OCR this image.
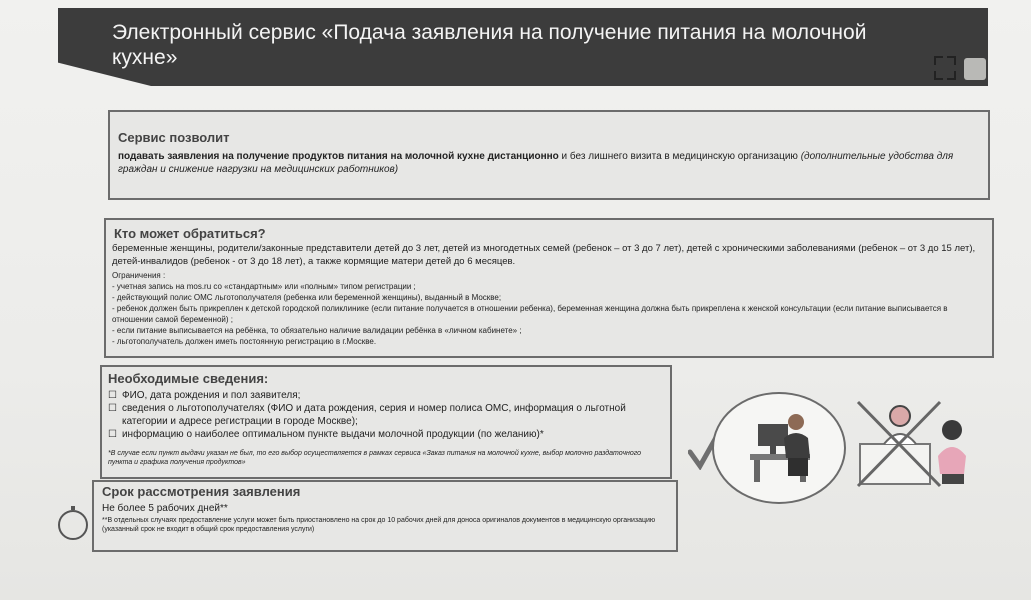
Электронный сервис «Подача заявления на получение питания на молочной кухне»
Сервис позволит
подавать заявления на получение продуктов питания на молочной кухне дистанционно и без лишнего визита в медицинскую организацию (дополнительные удобства для граждан и снижение нагрузки на медицинских работников)
Кто может обратиться?
беременные женщины, родители/законные представители детей до 3 лет, детей из многодетных семей (ребенок – от 3 до 7 лет), детей с хроническими заболеваниями (ребенок – от 3 до 15 лет), детей-инвалидов (ребенок - от 3 до 18 лет), а также кормящие матери детей до 6 месяцев.
Ограничения :
- учетная запись на mos.ru со «стандартным» или «полным» типом регистрации ;
- действующий полис ОМС льготополучателя (ребенка или беременной женщины), выданный в Москве;
- ребенок должен быть прикреплен к детской городской поликлинике (если питание получается в отношении ребенка), беременная женщина должна быть прикреплена к женской консультации (если питание выписывается в отношении самой беременной) ;
- если питание выписывается на ребёнка, то обязательно наличие валидации ребёнка в «личном кабинете» ;
- льготополучатель должен иметь постоянную регистрацию в г.Москве.
Необходимые сведения:
☐ ФИО, дата рождения и пол заявителя;
☐ сведения о льготополучателях (ФИО и дата рождения, серия и номер полиса ОМС, информация о льготной категории и адресе регистрации в городе Москве);
☐ информацию о наиболее оптимальном пункте выдачи молочной продукции (по желанию)*
*В случае если пункт выдачи указан не был, то его выбор осуществляется в рамках сервиса «Заказ питания на молочной кухне, выбор молочно раздаточного пункта и графика получения продуктов»
Срок рассмотрения заявления
Не более 5 рабочих дней**
**В отдельных случаях предоставление услуги может быть приостановлено на срок до 10 рабочих дней для доноса оригиналов документов в медицинскую организацию (указанный срок не входит в общий срок предоставления услуги)
